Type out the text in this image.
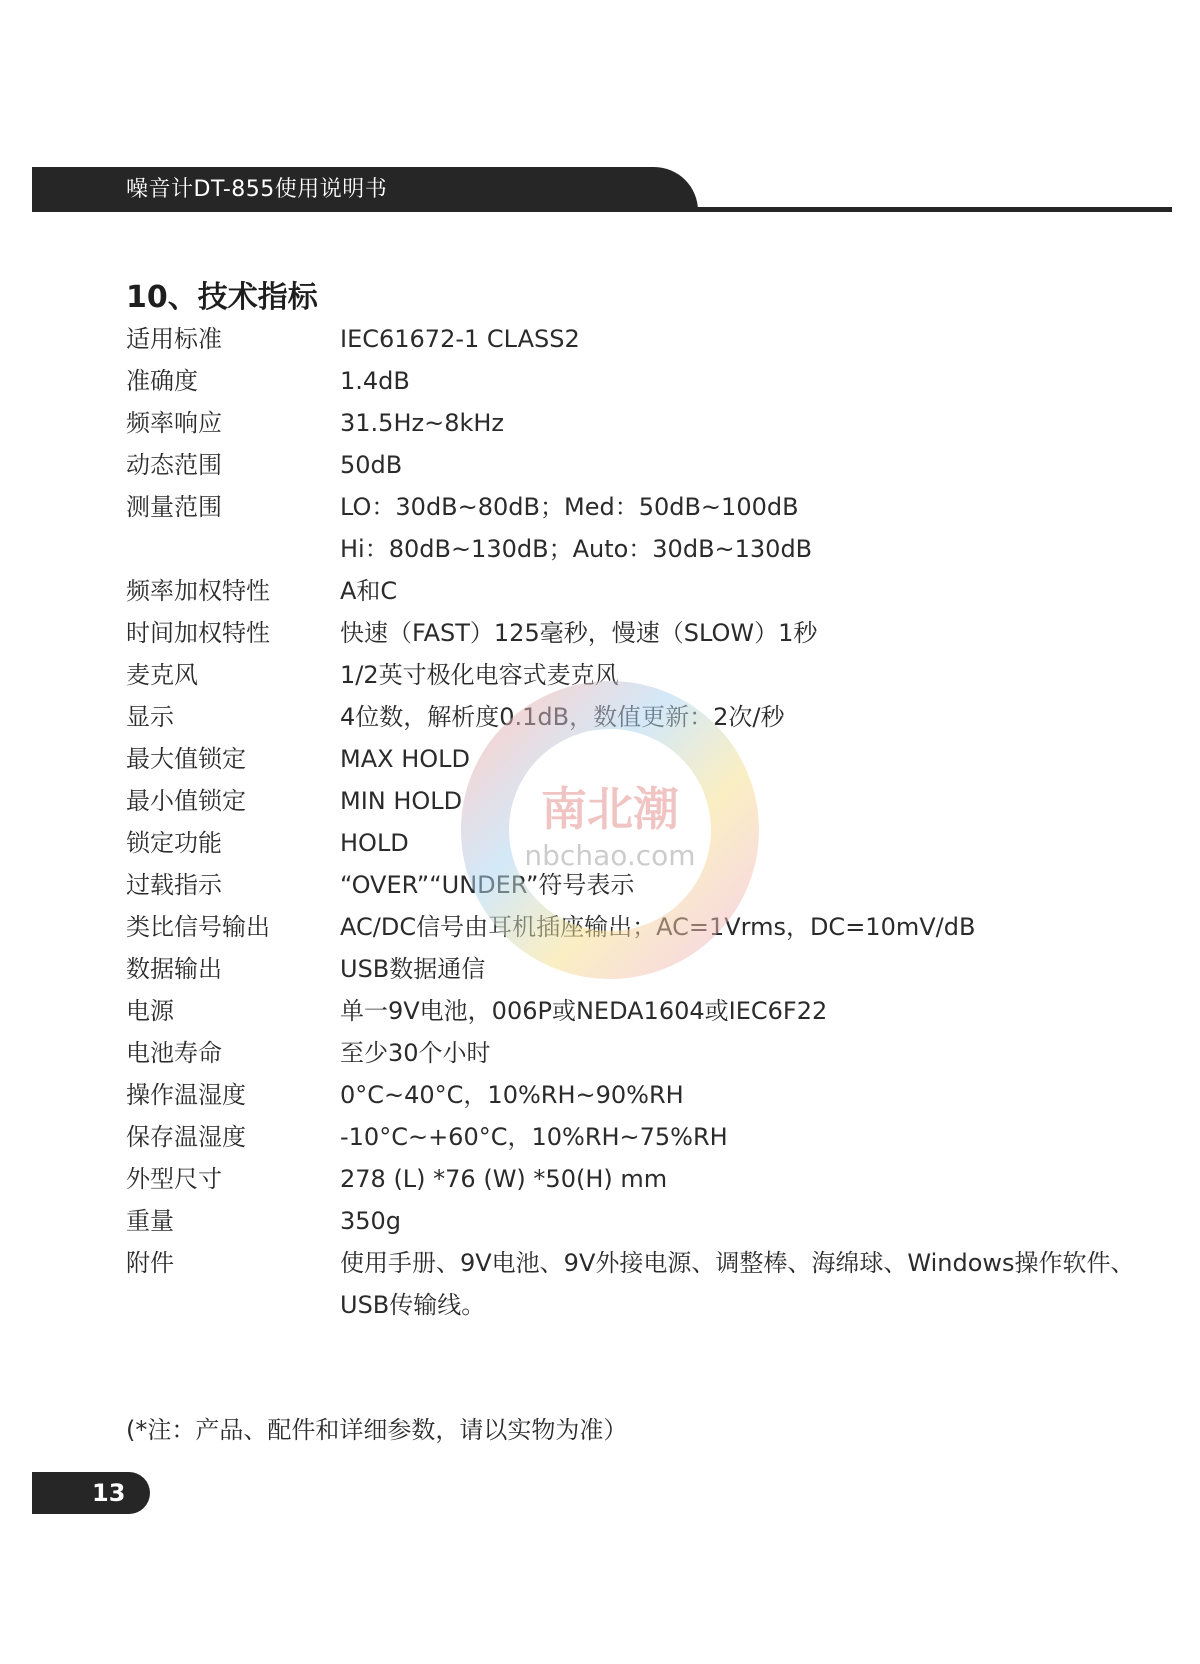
噪音计DT-855使用说明书
10、技术指标
适用标准	IEC61672-1 CLASS2
准确度	1.4dB
频率响应	31.5Hz~8kHz
动态范围	50dB
测量范围	LO：30dB~80dB；Med：50dB~100dB
Hi：80dB~130dB；Auto：30dB~130dB
频率加权特性	A和C
时间加权特性	快速（FAST）125毫秒，慢速（SLOW）1秒
麦克风	1/2英寸极化电容式麦克风
显示	4位数，解析度0.1dB，数值更新：2次/秒
最大值锁定	MAX HOLD
最小值锁定	MIN HOLD
锁定功能	HOLD
过载指示	“OVER”“UNDER”符号表示
类比信号输出	AC/DC信号由耳机插座输出；AC=1Vrms，DC=10mV/dB
数据输出	USB数据通信
电源	单一9V电池，006P或NEDA1604或IEC6F22
电池寿命	至少30个小时
操作温湿度	0°C~40°C，10%RH~90%RH
保存温湿度	-10°C~+60°C，10%RH~75%RH
外型尺寸	278 (L) *76 (W) *50(H) mm
重量	350g
附件	使用手册、9V电池、9V外接电源、调整棒、海绵球、Windows操作软件、
USB传输线。
(*注：产品、配件和详细参数，请以实物为准）
13
南北潮
nbchao.com
